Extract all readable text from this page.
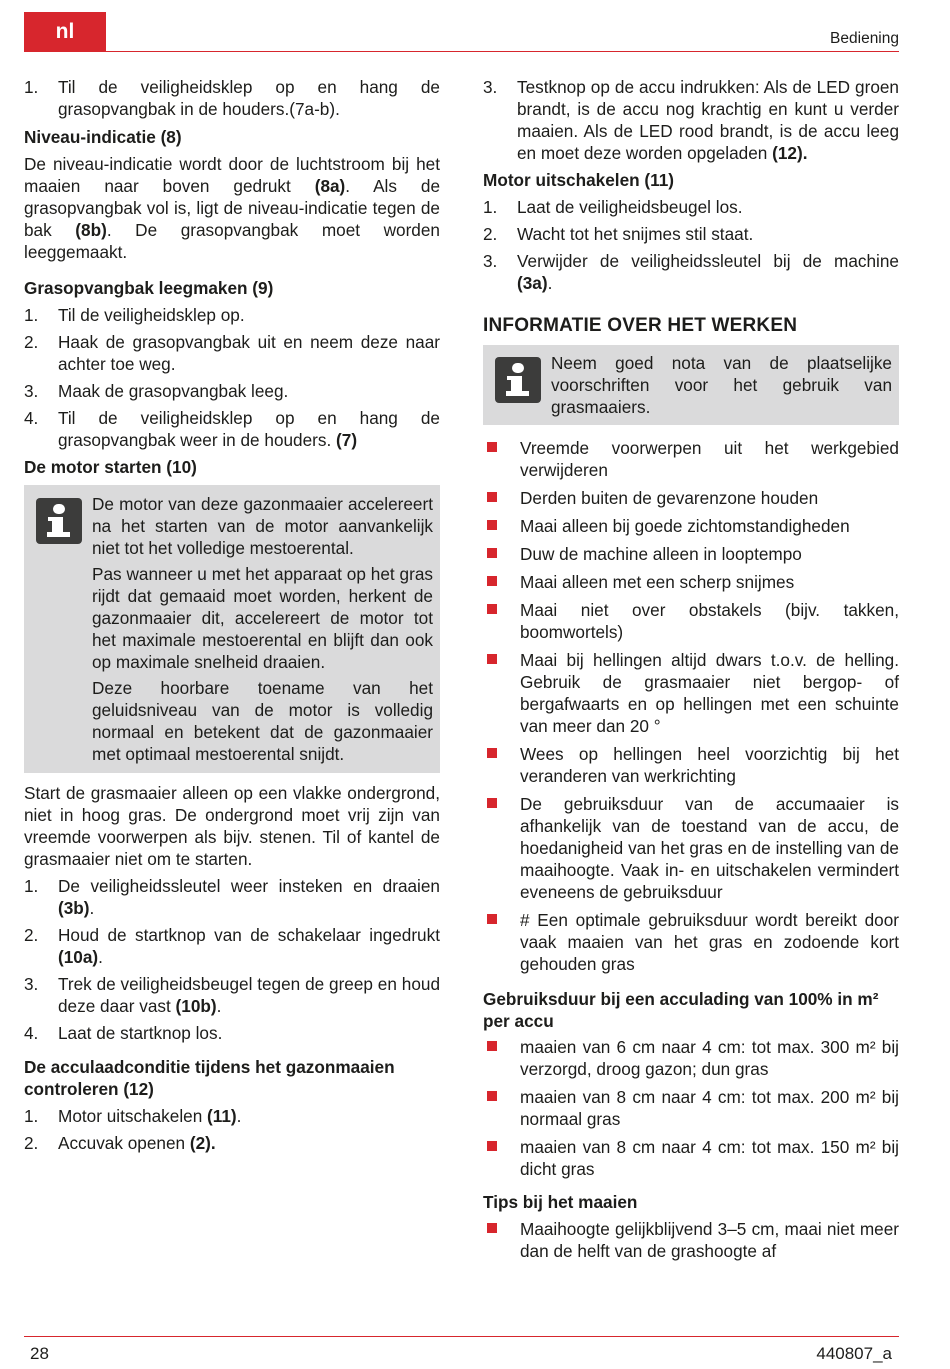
nl	Bediening
1. Til de veiligheidsklep op en hang de grasopvangbak in de houders.(7a-b).

Niveau-indicatie (8)

De niveau-indicatie wordt door de luchtstroom bij het maaien naar boven gedrukt (8a). Als de grasopvangbak vol is, ligt de niveau-indicatie tegen de bak (8b). De grasopvangbak moet worden leeggemaakt.

Grasopvangbak leegmaken (9)

1. Til de veiligheidsklep op.
2. Haak de grasopvangbak uit en neem deze naar achter toe weg.
3. Maak de grasopvangbak leeg.
4. Til de veiligheidsklep op en hang de grasopvangbak weer in de houders. (7)

De motor starten (10)

De motor van deze gazonmaaier accelereert na het starten van de motor aanvankelijk niet tot het volledige mestoerental.

Pas wanneer u met het apparaat op het gras rijdt dat gemaaid moet worden, herkent de gazonmaaier dit, accelereert de motor tot het maximale mestoerental en blijft dan ook op maximale snelheid draaien.

Deze hoorbare toename van het geluidsniveau van de motor is volledig normaal en betekent dat de gazonmaaier met optimaal mestoerental snijdt.

Start de grasmaaier alleen op een vlakke ondergrond, niet in hoog gras. De ondergrond moet vrij zijn van vreemde voorwerpen als bijv. stenen. Til of kantel de grasmaaier niet om te starten.

1. De veiligheidssleutel weer insteken en draaien (3b).
2. Houd de startknop van de schakelaar ingedrukt (10a).
3. Trek de veiligheidsbeugel tegen de greep en houd deze daar vast (10b).
4. Laat de startknop los.

De acculaadconditie tijdens het gazonmaaien controleren (12)

1. Motor uitschakelen (11).
2. Accuvak openen (2).
3. Testknop op de accu indrukken: Als de LED groen brandt, is de accu nog krachtig en kunt u verder maaien. Als de LED rood brandt, is de accu leeg en moet deze worden opgeladen (12).

Motor uitschakelen (11)

1. Laat de veiligheidsbeugel los.
2. Wacht tot het snijmes stil staat.
3. Verwijder de veiligheidssleutel bij de machine (3a).

INFORMATIE OVER HET WERKEN

Neem goed nota van de plaatselijke voorschriften voor het gebruik van grasmaaiers.

Vreemde voorwerpen uit het werkgebied verwijderen
Derden buiten de gevarenzone houden
Maai alleen bij goede zichtomstandigheden
Duw de machine alleen in looptempo
Maai alleen met een scherp snijmes
Maai niet over obstakels (bijv. takken, boomwortels)
Maai bij hellingen altijd dwars t.o.v. de helling. Gebruik de grasmaaier niet bergop- of bergafwaarts en op hellingen met een schuinte van meer dan 20 °
Wees op hellingen heel voorzichtig bij het veranderen van werkrichting
De gebruiksduur van de accumaaier is afhankelijk van de toestand van de accu, de hoedanigheid van het gras en de instelling van de maaihoogte. Vaak in- en uitschakelen vermindert eveneens de gebruiksduur
# Een optimale gebruiksduur wordt bereikt door vaak maaien van het gras en zodoende kort gehouden gras

Gebruiksduur bij een acculading van 100% in m² per accu

maaien van 6 cm naar 4 cm: tot max. 300 m² bij verzorgd, droog gazon; dun gras
maaien van 8 cm naar 4 cm: tot max. 200 m² bij normaal gras
maaien van 8 cm naar 4 cm: tot max. 150 m² bij dicht gras

Tips bij het maaien

Maaihoogte gelijkblijvend 3–5 cm, maai niet meer dan de helft van de grashoogte af
28	440807_a
